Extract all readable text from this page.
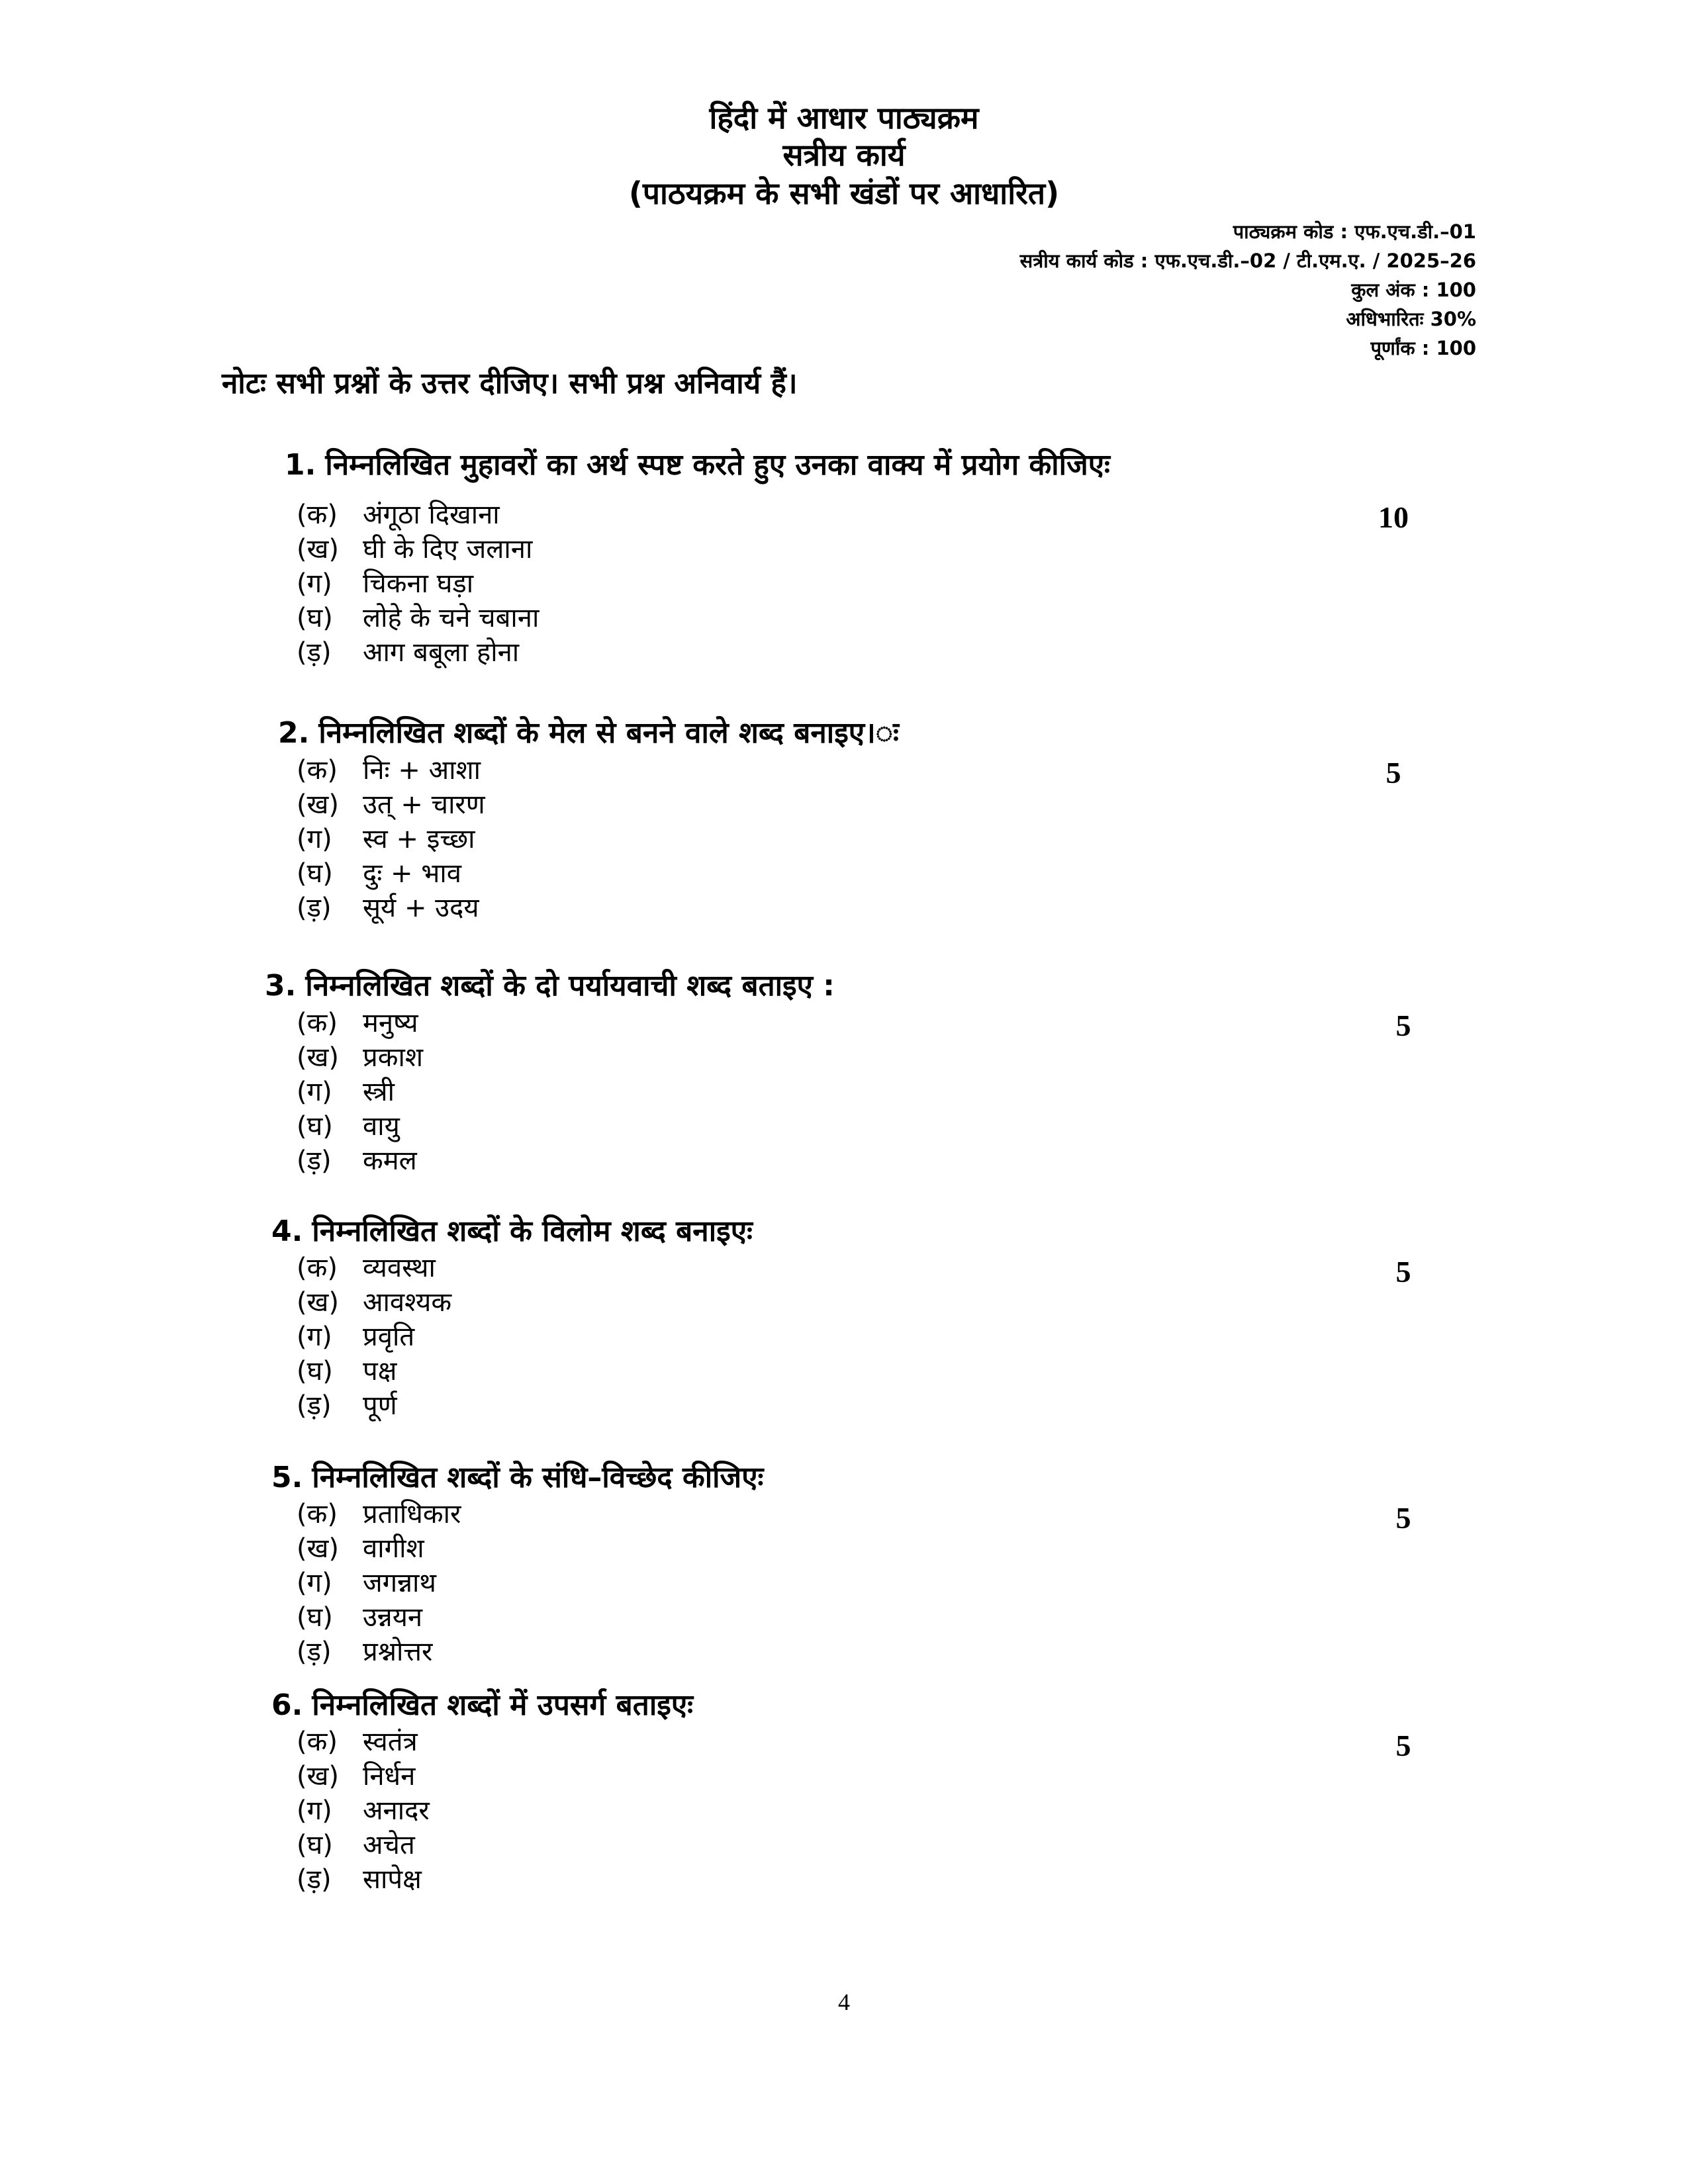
हिंदी में आधार पाठ्यक्रम
सत्रीय कार्य
(पाठयक्रम के सभी खंडों पर आधारित)
पाठ्यक्रम कोड : एफ.एच.डी.–01
सत्रीय कार्य कोड : एफ.एच.डी.–02 / टी.एम.ए. / 2025–26
कुल अंक : 100
अधिभारितः 30%
पूर्णांक : 100
नोटः सभी प्रश्नों के उत्तर दीजिए। सभी प्रश्न अनिवार्य हैं।
1. निम्नलिखित मुहावरों का अर्थ स्पष्ट करते हुए उनका वाक्य में प्रयोग कीजिएः
10
(क) अंगूठा दिखाना
(ख) घी के दिए जलाना
(ग) चिकना घड़ा
(घ) लोहे के चने चबाना
(ड़) आग बबूला होना
2. निम्नलिखित शब्दों के मेल से बनने वाले शब्द बनाइए।ः
5
(क) निः + आशा
(ख) उत् + चारण
(ग) स्व + इच्छा
(घ) दुः + भाव
(ड़) सूर्य + उदय
3. निम्नलिखित शब्दों के दो पर्यायवाची शब्द बताइए :
5
(क) मनुष्य
(ख) प्रकाश
(ग) स्त्री
(घ) वायु
(ड़) कमल
4. निम्नलिखित शब्दों के विलोम शब्द बनाइएः
5
(क) व्यवस्था
(ख) आवश्यक
(ग) प्रवृति
(घ) पक्ष
(ड़) पूर्ण
5. निम्नलिखित शब्दों के संधि–विच्छेद कीजिएः
5
(क) प्रताधिकार
(ख) वागीश
(ग) जगन्नाथ
(घ) उन्नयन
(ड़) प्रश्नोत्तर
6. निम्नलिखित शब्दों में उपसर्ग बताइएः
5
(क) स्वतंत्र
(ख) निर्धन
(ग) अनादर
(घ) अचेत
(ड़) सापेक्ष
4
